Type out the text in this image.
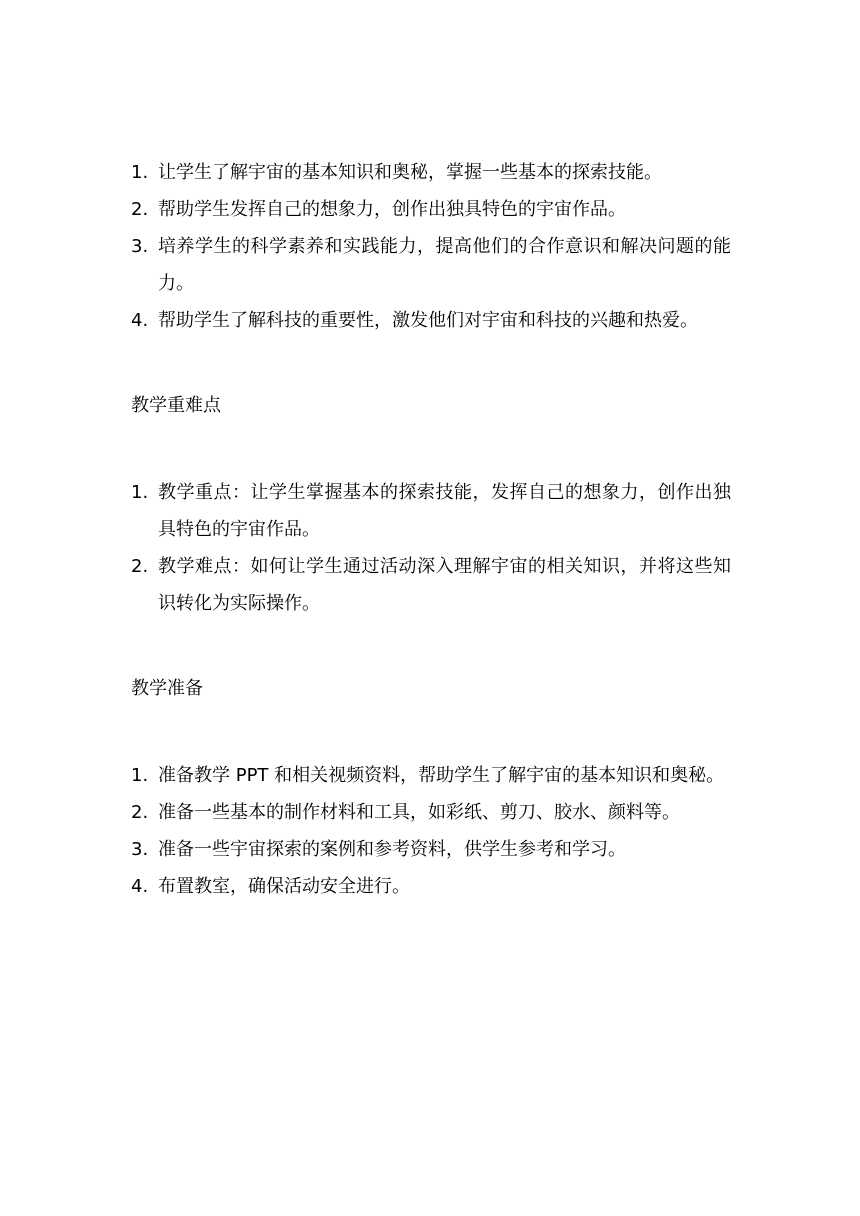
1. 让学生了解宇宙的基本知识和奥秘，掌握一些基本的探索技能。
2. 帮助学生发挥自己的想象力，创作出独具特色的宇宙作品。
3. 培养学生的科学素养和实践能力，提高他们的合作意识和解决问题的能力。
4. 帮助学生了解科技的重要性，激发他们对宇宙和科技的兴趣和热爱。
教学重难点
1. 教学重点：让学生掌握基本的探索技能，发挥自己的想象力，创作出独具特色的宇宙作品。
2. 教学难点：如何让学生通过活动深入理解宇宙的相关知识，并将这些知识转化为实际操作。
教学准备
1. 准备教学 PPT 和相关视频资料，帮助学生了解宇宙的基本知识和奥秘。
2. 准备一些基本的制作材料和工具，如彩纸、剪刀、胶水、颜料等。
3. 准备一些宇宙探索的案例和参考资料，供学生参考和学习。
4. 布置教室，确保活动安全进行。
